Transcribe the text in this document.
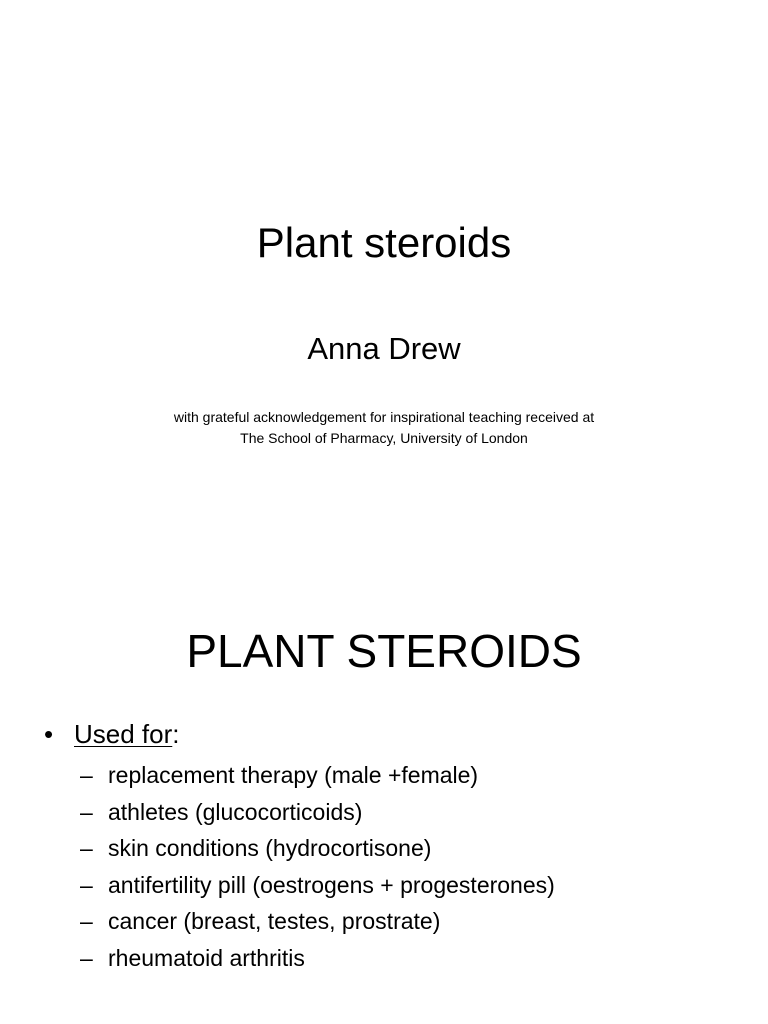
Plant steroids
Anna Drew
with grateful acknowledgement for inspirational teaching received at
The School of Pharmacy, University of London
PLANT STEROIDS
• Used for:
– replacement therapy (male +female)
– athletes (glucocorticoids)
– skin conditions (hydrocortisone)
– antifertility pill (oestrogens + progesterones)
– cancer (breast, testes, prostrate)
– rheumatoid arthritis
